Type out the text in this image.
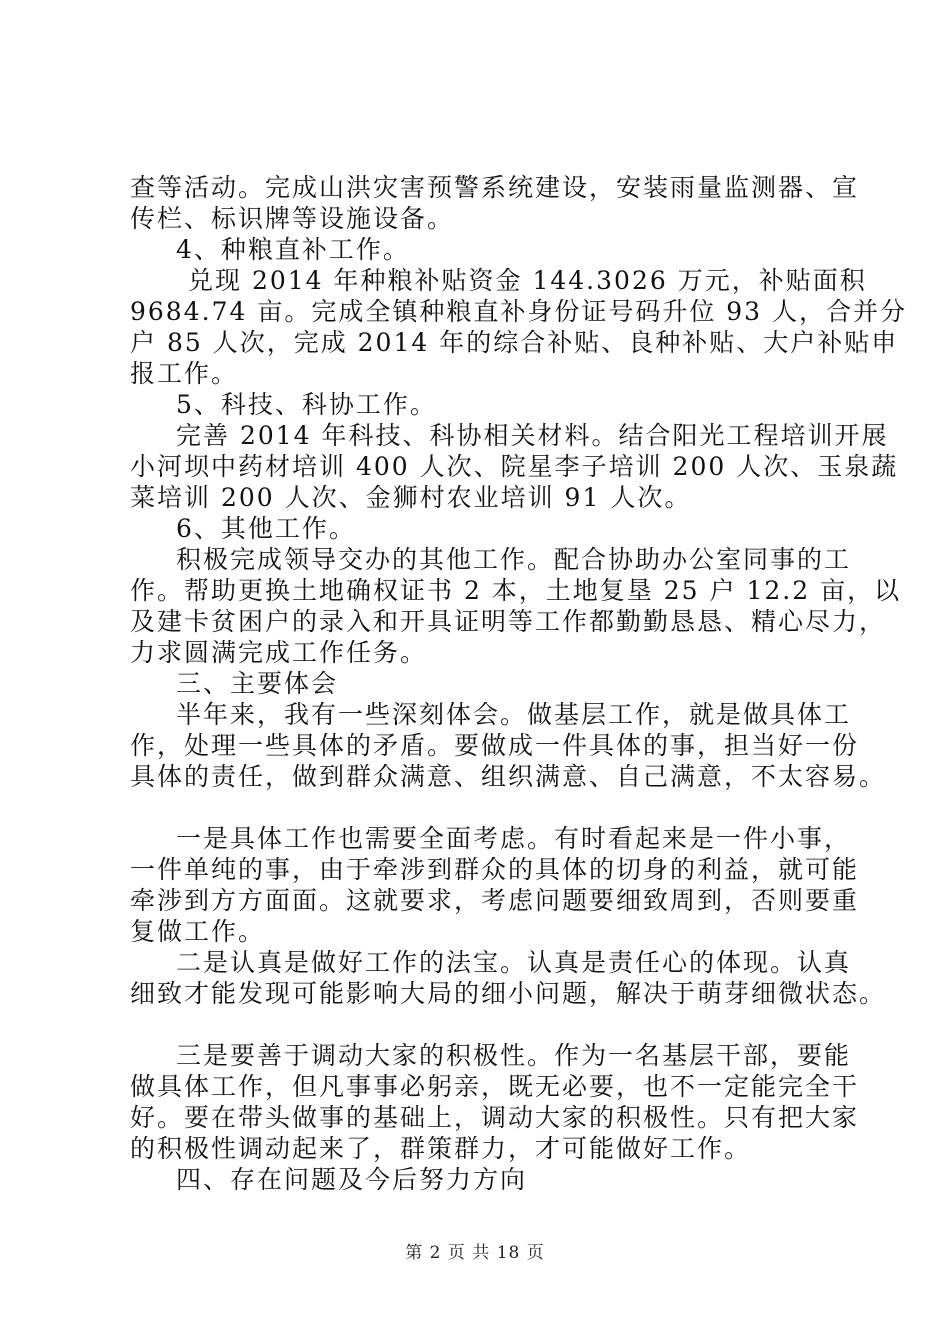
查等活动。完成山洪灾害预警系统建设，安装雨量监测器、宣
传栏、标识牌等设施设备。
4、种粮直补工作。
兑现 2014 年种粮补贴资金 144.3026 万元，补贴面积
9684.74 亩。完成全镇种粮直补身份证号码升位 93 人，合并分
户 85 人次，完成 2014 年的综合补贴、良种补贴、大户补贴申
报工作。
5、科技、科协工作。
完善 2014 年科技、科协相关材料。结合阳光工程培训开展
小河坝中药材培训 400 人次、院星李子培训 200 人次、玉泉蔬
菜培训 200 人次、金狮村农业培训 91 人次。
6、其他工作。
积极完成领导交办的其他工作。配合协助办公室同事的工
作。帮助更换土地确权证书 2 本，土地复垦 25 户 12.2 亩，以
及建卡贫困户的录入和开具证明等工作都勤勤恳恳、精心尽力，
力求圆满完成工作任务。
三、主要体会
半年来，我有一些深刻体会。做基层工作，就是做具体工
作，处理一些具体的矛盾。要做成一件具体的事，担当好一份
具体的责任，做到群众满意、组织满意、自己满意，不太容易。
一是具体工作也需要全面考虑。有时看起来是一件小事，
一件单纯的事，由于牵涉到群众的具体的切身的利益，就可能
牵涉到方方面面。这就要求，考虑问题要细致周到，否则要重
复做工作。
二是认真是做好工作的法宝。认真是责任心的体现。认真
细致才能发现可能影响大局的细小问题，解决于萌芽细微状态。
三是要善于调动大家的积极性。作为一名基层干部，要能
做具体工作，但凡事事必躬亲，既无必要，也不一定能完全干
好。要在带头做事的基础上，调动大家的积极性。只有把大家
的积极性调动起来了，群策群力，才可能做好工作。
四、存在问题及今后努力方向
第 2 页 共 18 页
